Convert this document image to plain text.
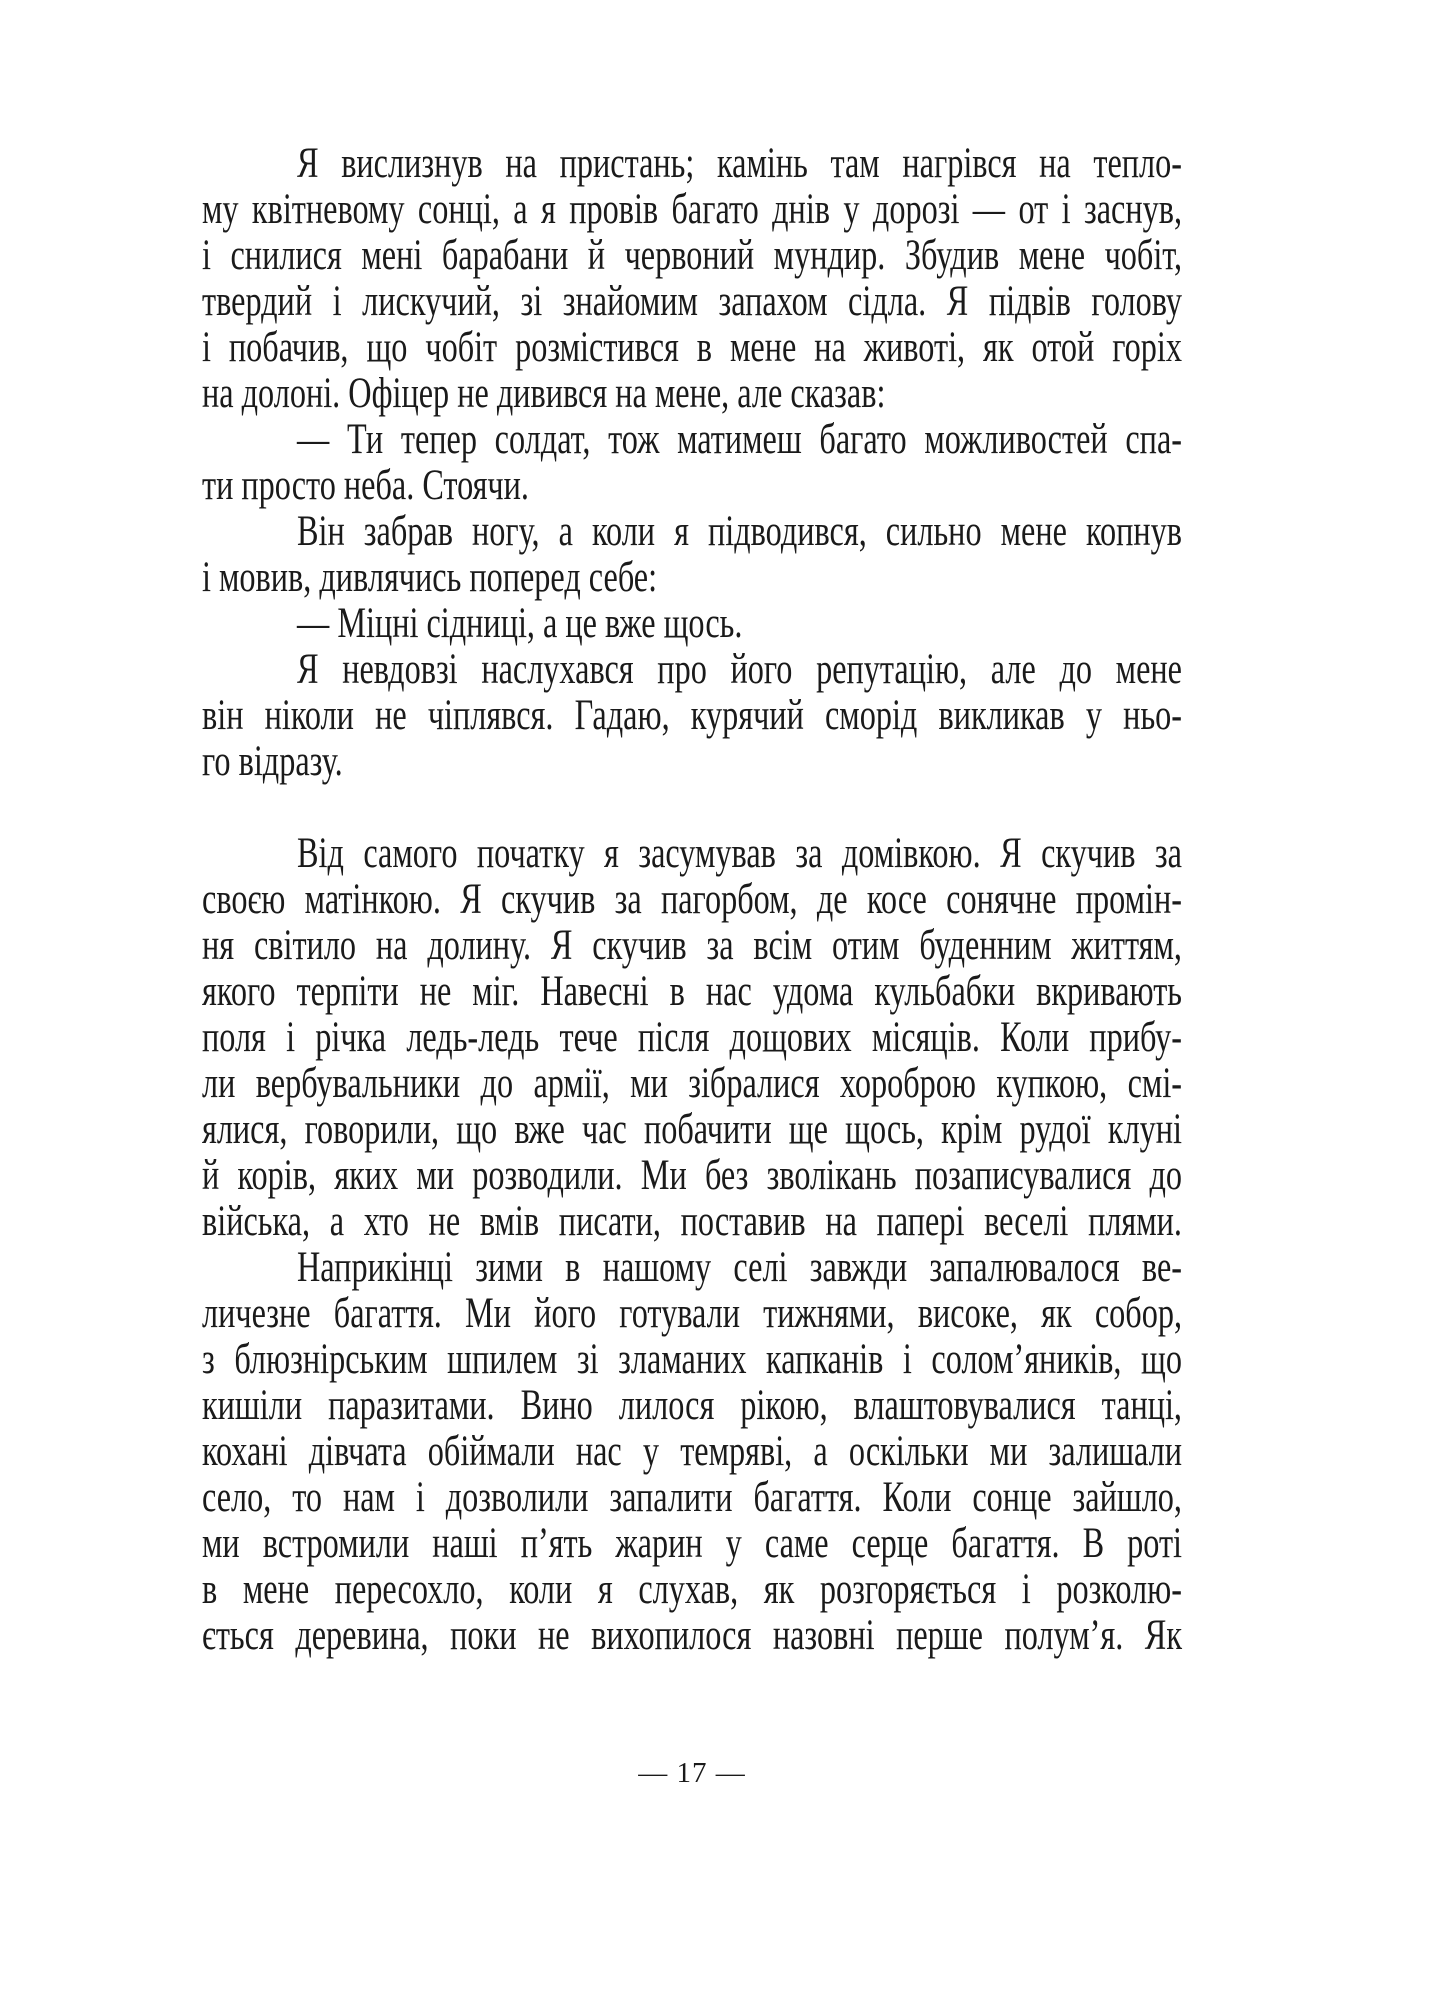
Я вислизнув на пристань; камінь там нагрівся на тепло-
му квітневому сонці, а я провів багато днів у дорозі — от і заснув,
і снилися мені барабани й червоний мундир. Збудив мене чобіт,
твердий і лискучий, зі знайомим запахом сідла. Я підвів голову
і побачив, що чобіт розмістився в мене на животі, як отой горіх
на долоні. Офіцер не дивився на мене, але сказав:
— Ти тепер солдат, тож матимеш багато можливостей спа-
ти просто неба. Стоячи.
Він забрав ногу, а коли я підводився, сильно мене копнув
і мовив, дивлячись поперед себе:
— Міцні сідниці, а це вже щось.
Я невдовзі наслухався про його репутацію, але до мене
він ніколи не чіплявся. Гадаю, курячий сморід викликав у ньо-
го відразу.
Від самого початку я засумував за домівкою. Я скучив за
своєю матінкою. Я скучив за пагорбом, де косе сонячне промін-
ня світило на долину. Я скучив за всім отим буденним життям,
якого терпіти не міг. Навесні в нас удома кульбабки вкривають
поля і річка ледь-ледь тече після дощових місяців. Коли прибу-
ли вербувальники до армії, ми зібралися хороброю купкою, смі-
ялися, говорили, що вже час побачити ще щось, крім рудої клуні
й корів, яких ми розводили. Ми без зволікань позаписувалися до
війська, а хто не вмів писати, поставив на папері веселі плями.
Наприкінці зими в нашому селі завжди запалювалося ве-
личезне багаття. Ми його готували тижнями, високе, як собор,
з блюзнірським шпилем зі зламаних капканів і солом’яників, що
кишіли паразитами. Вино лилося рікою, влаштовувалися танці,
кохані дівчата обіймали нас у темряві, а оскільки ми залишали
село, то нам і дозволили запалити багаття. Коли сонце зайшло,
ми встромили наші п’ять жарин у саме серце багаття. В роті
в мене пересохло, коли я слухав, як розгоряється і розколю-
ється деревина, поки не вихопилося назовні перше полум’я. Як
— 17 —
